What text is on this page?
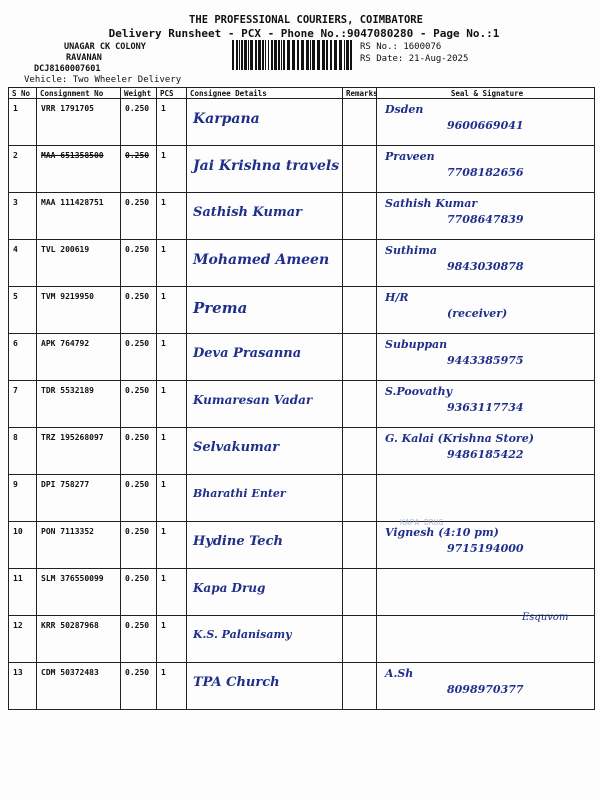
THE PROFESSIONAL COURIERS, COIMBATORE
Delivery Runsheet - PCX - Phone No.:9047080280 - Page No.:1
UNAGAR CK COLONY
RAVANAN
DCJ8160007601
Vehicle: Two Wheeler Delivery
RS No.: 1600076
RS Date: 21-Aug-2025
S No	Consignment No	Weight	PCS	Consignee Details	Remarks	Seal & Signature
1	VRR 1791705	0.250	1	Karpana		Dsden
9600669041

2	MAA 651358500	0.250	1	Jai Krishna travels		Praveen
7708182656

3	MAA 111428751	0.250	1	Sathish Kumar		Sathish Kumar
7708647839

4	TVL 200619	0.250	1	Mohamed Ameen		Suthima
9843030878

5	TVM 9219950	0.250	1	Prema		H/R
(receiver)

6	APK 764792	0.250	1	Deva Prasanna		Subuppan
9443385975

7	TDR 5532189	0.250	1	Kumaresan Vadar		S.Poovathy
9363117734

8	TRZ 195268097	0.250	1	Selvakumar		G. Kalai (Krishna Store)
9486185422

9	DPI 758277	0.250	1	Bharathi Enter		

10	PON 7113352	0.250	1	Hydine Tech		Vignesh (4:10 pm)
9715194000

11	SLM 376550099	0.250	1	Kapa Drug		

12	KRR 50287968	0.250	1	K.S. Palanisamy		

13	CDM 50372483	0.250	1	TPA Church		A.Sh
8098970377
KAPA DRUG
Esquvom
